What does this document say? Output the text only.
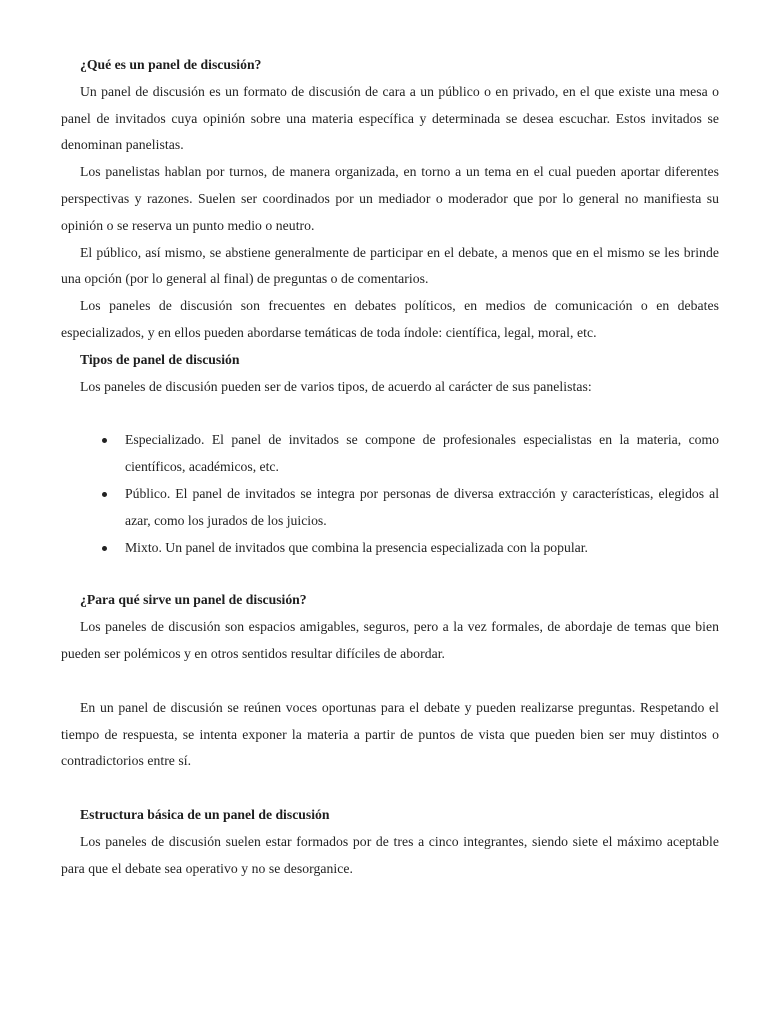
¿Qué es un panel de discusión?

Un panel de discusión es un formato de discusión de cara a un público o en privado, en el que existe una mesa o panel de invitados cuya opinión sobre una materia específica y determinada se desea escuchar. Estos invitados se denominan panelistas.

Los panelistas hablan por turnos, de manera organizada, en torno a un tema en el cual pueden aportar diferentes perspectivas y razones. Suelen ser coordinados por un mediador o moderador que por lo general no manifiesta su opinión o se reserva un punto medio o neutro.

El público, así mismo, se abstiene generalmente de participar en el debate, a menos que en el mismo se les brinde una opción (por lo general al final) de preguntas o de comentarios.

Los paneles de discusión son frecuentes en debates políticos, en medios de comunicación o en debates especializados, y en ellos pueden abordarse temáticas de toda índole: científica, legal, moral, etc.

Tipos de panel de discusión

Los paneles de discusión pueden ser de varios tipos, de acuerdo al carácter de sus panelistas:

Especializado. El panel de invitados se compone de profesionales especialistas en la materia, como científicos, académicos, etc.
Público. El panel de invitados se integra por personas de diversa extracción y características, elegidos al azar, como los jurados de los juicios.
Mixto. Un panel de invitados que combina la presencia especializada con la popular.
¿Para qué sirve un panel de discusión?

Los paneles de discusión son espacios amigables, seguros, pero a la vez formales, de abordaje de temas que bien pueden ser polémicos y en otros sentidos resultar difíciles de abordar.

En un panel de discusión se reúnen voces oportunas para el debate y pueden realizarse preguntas. Respetando el tiempo de respuesta, se intenta exponer la materia a partir de puntos de vista que pueden bien ser muy distintos o contradictorios entre sí.

Estructura básica de un panel de discusión

Los paneles de discusión suelen estar formados por de tres a cinco integrantes, siendo siete el máximo aceptable para que el debate sea operativo y no se desorganice.
